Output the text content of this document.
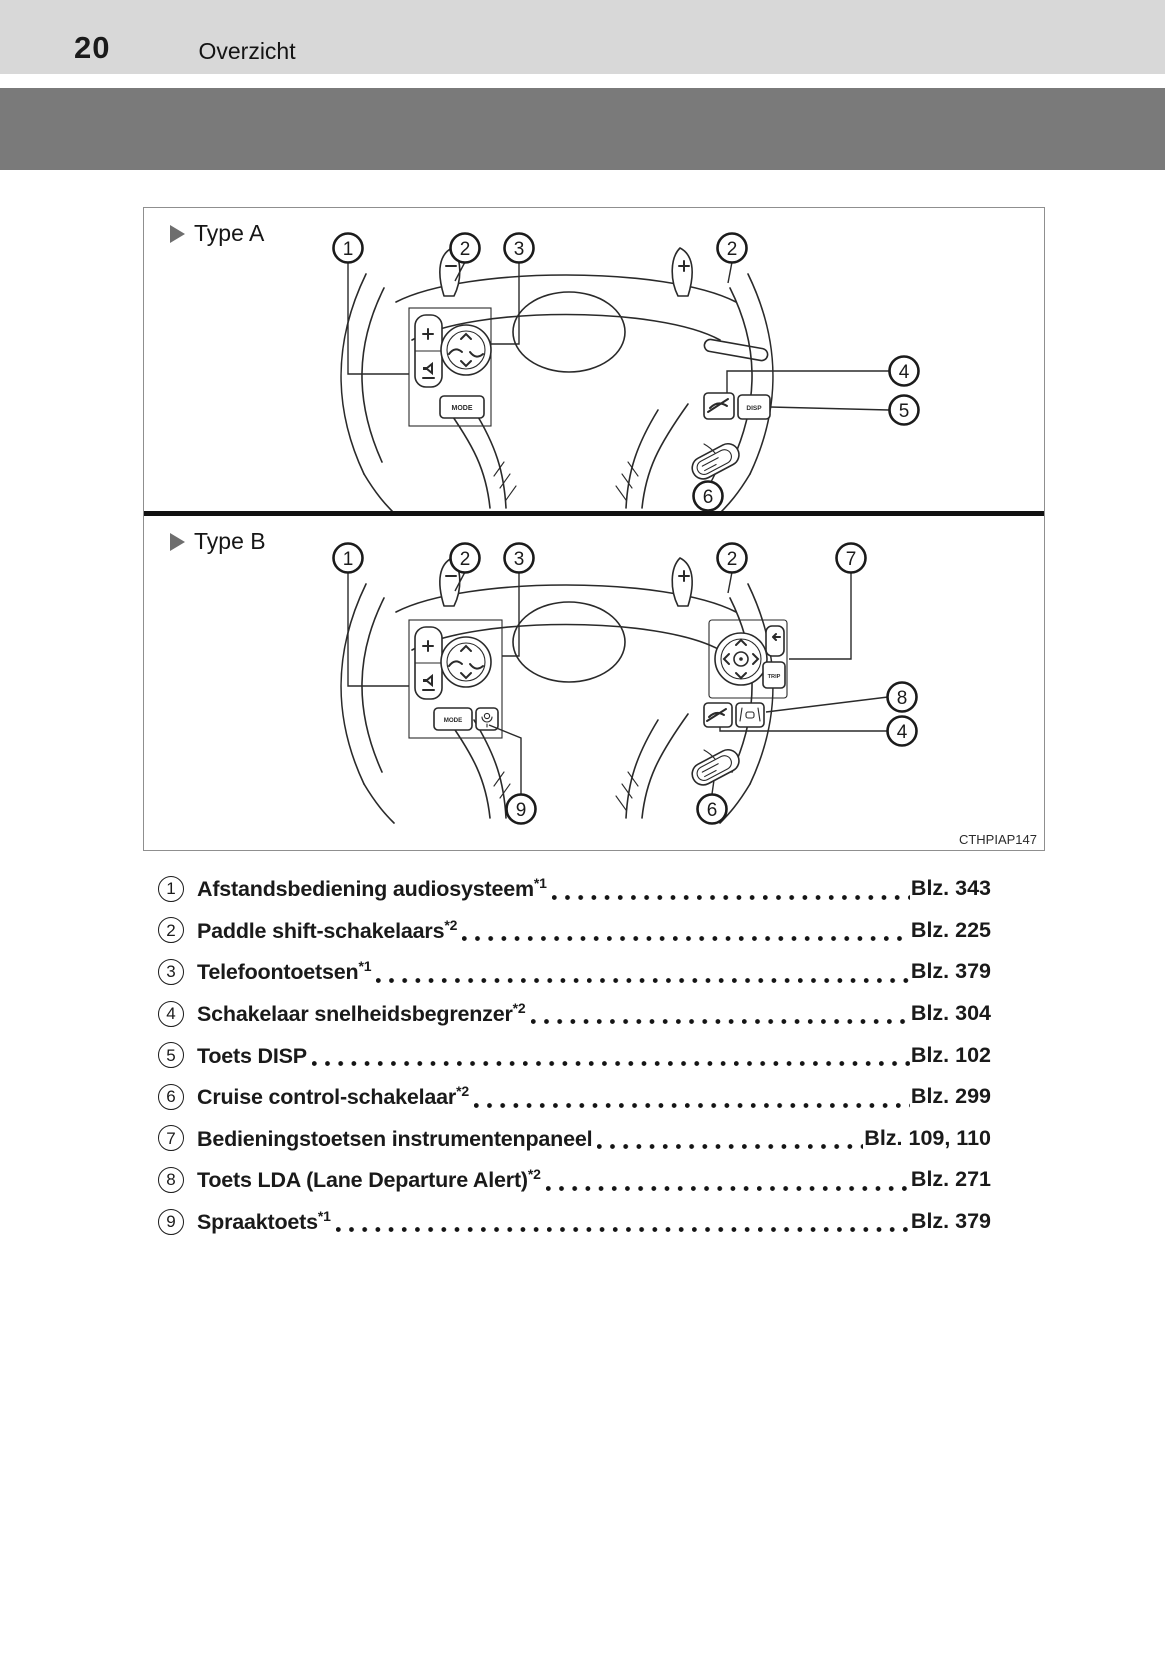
20	Overzicht
Type A
MODE	DISP
1	2 3	2
4
5
6
Type B
MODE
TRIP
1	2 3	2	7
8
4
9	6
CTHPIAP147
1 Afstandsbediening audiosysteem$^{*1}$	Blz. 343
2 Paddle shift-schakelaars$^{*2}$	Blz. 225
3 Telefoontoetsen$^{*1}$	Blz. 379
4 Schakelaar snelheidsbegrenzer$^{*2}$	Blz. 304
5 Toets DISP	Blz. 102
6 Cruise control-schakelaar$^{*2}$	Blz. 299
7 Bedieningstoetsen instrumentenpaneel	Blz. 109, 110
8 Toets LDA (Lane Departure Alert)$^{*2}$	Blz. 271
9 Spraaktoets$^{*1}$	Blz. 379
